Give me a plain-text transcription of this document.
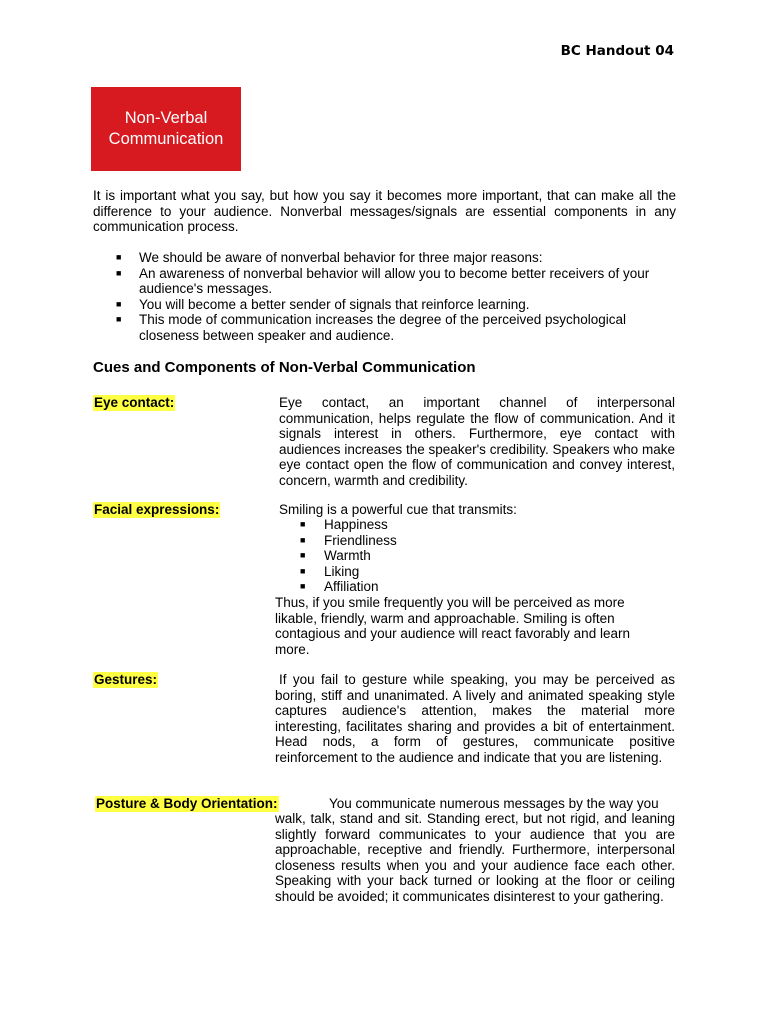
BC Handout 04
Non-Verbal
Communication
It is important what you say, but how you say it becomes more important, that can make all the difference to your audience. Nonverbal messages/signals are essential components in any communication process.
■ We should be aware of nonverbal behavior for three major reasons:
■ An awareness of nonverbal behavior will allow you to become better receivers of your audience's messages.
■ You will become a better sender of signals that reinforce learning.
■ This mode of communication increases the degree of the perceived psychological closeness between speaker and audience.
Cues and Components of Non-Verbal Communication
Eye contact:	Eye contact, an important channel of interpersonal communication, helps regulate the flow of communication. And it signals interest in others. Furthermore, eye contact with audiences increases the speaker's credibility. Speakers who make eye contact open the flow of communication and convey interest, concern, warmth and credibility.
Facial expressions:	Smiling is a powerful cue that transmits:
■ Happiness
■ Friendliness
■ Warmth
■ Liking
■ Affiliation
Thus, if you smile frequently you will be perceived as more likable, friendly, warm and approachable. Smiling is often contagious and your audience will react favorably and learn more.
Gestures:	If you fail to gesture while speaking, you may be perceived as boring, stiff and unanimated. A lively and animated speaking style captures audience's attention, makes the material more interesting, facilitates sharing and provides a bit of entertainment. Head nods, a form of gestures, communicate positive reinforcement to the audience and indicate that you are listening.
Posture & Body Orientation:	You communicate numerous messages by the way you
walk, talk, stand and sit. Standing erect, but not rigid, and leaning slightly forward communicates to your audience that you are approachable, receptive and friendly. Furthermore, interpersonal closeness results when you and your audience face each other. Speaking with your back turned or looking at the floor or ceiling should be avoided; it communicates disinterest to your gathering.
